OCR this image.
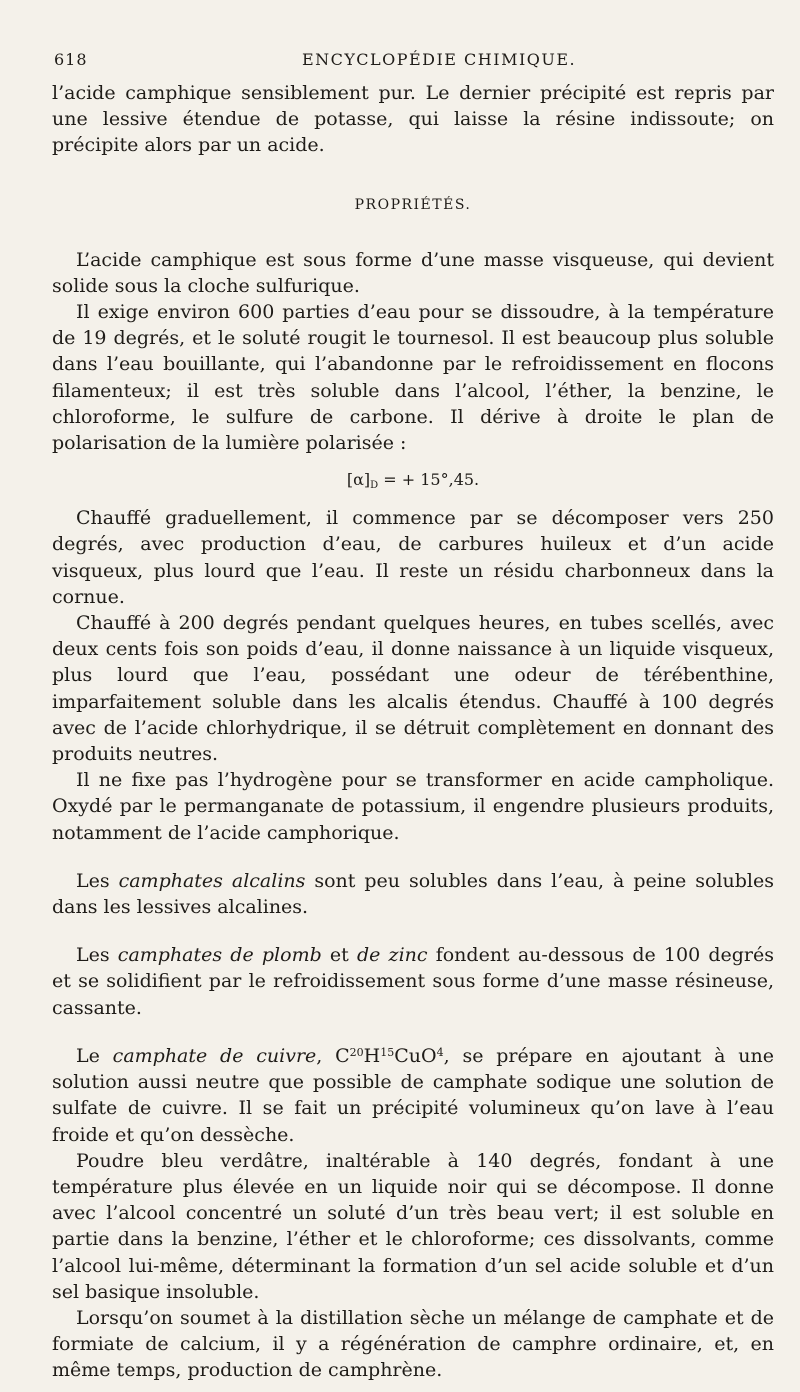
618	ENCYCLOPÉDIE CHIMIQUE.

l’acide camphique sensiblement pur. Le dernier précipité est repris par une lessive étendue de potasse, qui laisse la résine indissoute; on précipite alors par un acide.

PROPRIÉTÉS.

L’acide camphique est sous forme d’une masse visqueuse, qui devient solide sous la cloche sulfurique.

Il exige environ 600 parties d’eau pour se dissoudre, à la température de 19 degrés, et le soluté rougit le tournesol. Il est beaucoup plus soluble dans l’eau bouillante, qui l’abandonne par le refroidissement en flocons filamenteux; il est très soluble dans l’alcool, l’éther, la benzine, le chloroforme, le sulfure de carbone. Il dérive à droite le plan de polarisation de la lumière polarisée :

$[\alpha]_D$ = + 15°,45.

Chauffé graduellement, il commence par se décomposer vers 250 degrés, avec production d’eau, de carbures huileux et d’un acide visqueux, plus lourd que l’eau. Il reste un résidu charbonneux dans la cornue.

Chauffé à 200 degrés pendant quelques heures, en tubes scellés, avec deux cents fois son poids d’eau, il donne naissance à un liquide visqueux, plus lourd que l’eau, possédant une odeur de térébenthine, imparfaitement soluble dans les alcalis étendus. Chauffé à 100 degrés avec de l’acide chlorhydrique, il se détruit complètement en donnant des produits neutres.

Il ne fixe pas l’hydrogène pour se transformer en acide campholique. Oxydé par le permanganate de potassium, il engendre plusieurs produits, notamment de l’acide camphorique.

Les camphates alcalins sont peu solubles dans l’eau, à peine solubles dans les lessives alcalines.

Les camphates de plomb et de zinc fondent au-dessous de 100 degrés et se solidifient par le refroidissement sous forme d’une masse résineuse, cassante.

Le camphate de cuivre, $C^{20}H^{15}CuO^4$, se prépare en ajoutant à une solution aussi neutre que possible de camphate sodique une solution de sulfate de cuivre. Il se fait un précipité volumineux qu’on lave à l’eau froide et qu’on dessèche.

Poudre bleu verdâtre, inaltérable à 140 degrés, fondant à une température plus élevée en un liquide noir qui se décompose. Il donne avec l’alcool concentré un soluté d’un très beau vert; il est soluble en partie dans la benzine, l’éther et le chloroforme; ces dissolvants, comme l’alcool lui-même, déterminant la formation d’un sel acide soluble et d’un sel basique insoluble.

Lorsqu’on soumet à la distillation sèche un mélange de camphate et de formiate de calcium, il y a régénération de camphre ordinaire, et, en même temps, production de camphrène.
